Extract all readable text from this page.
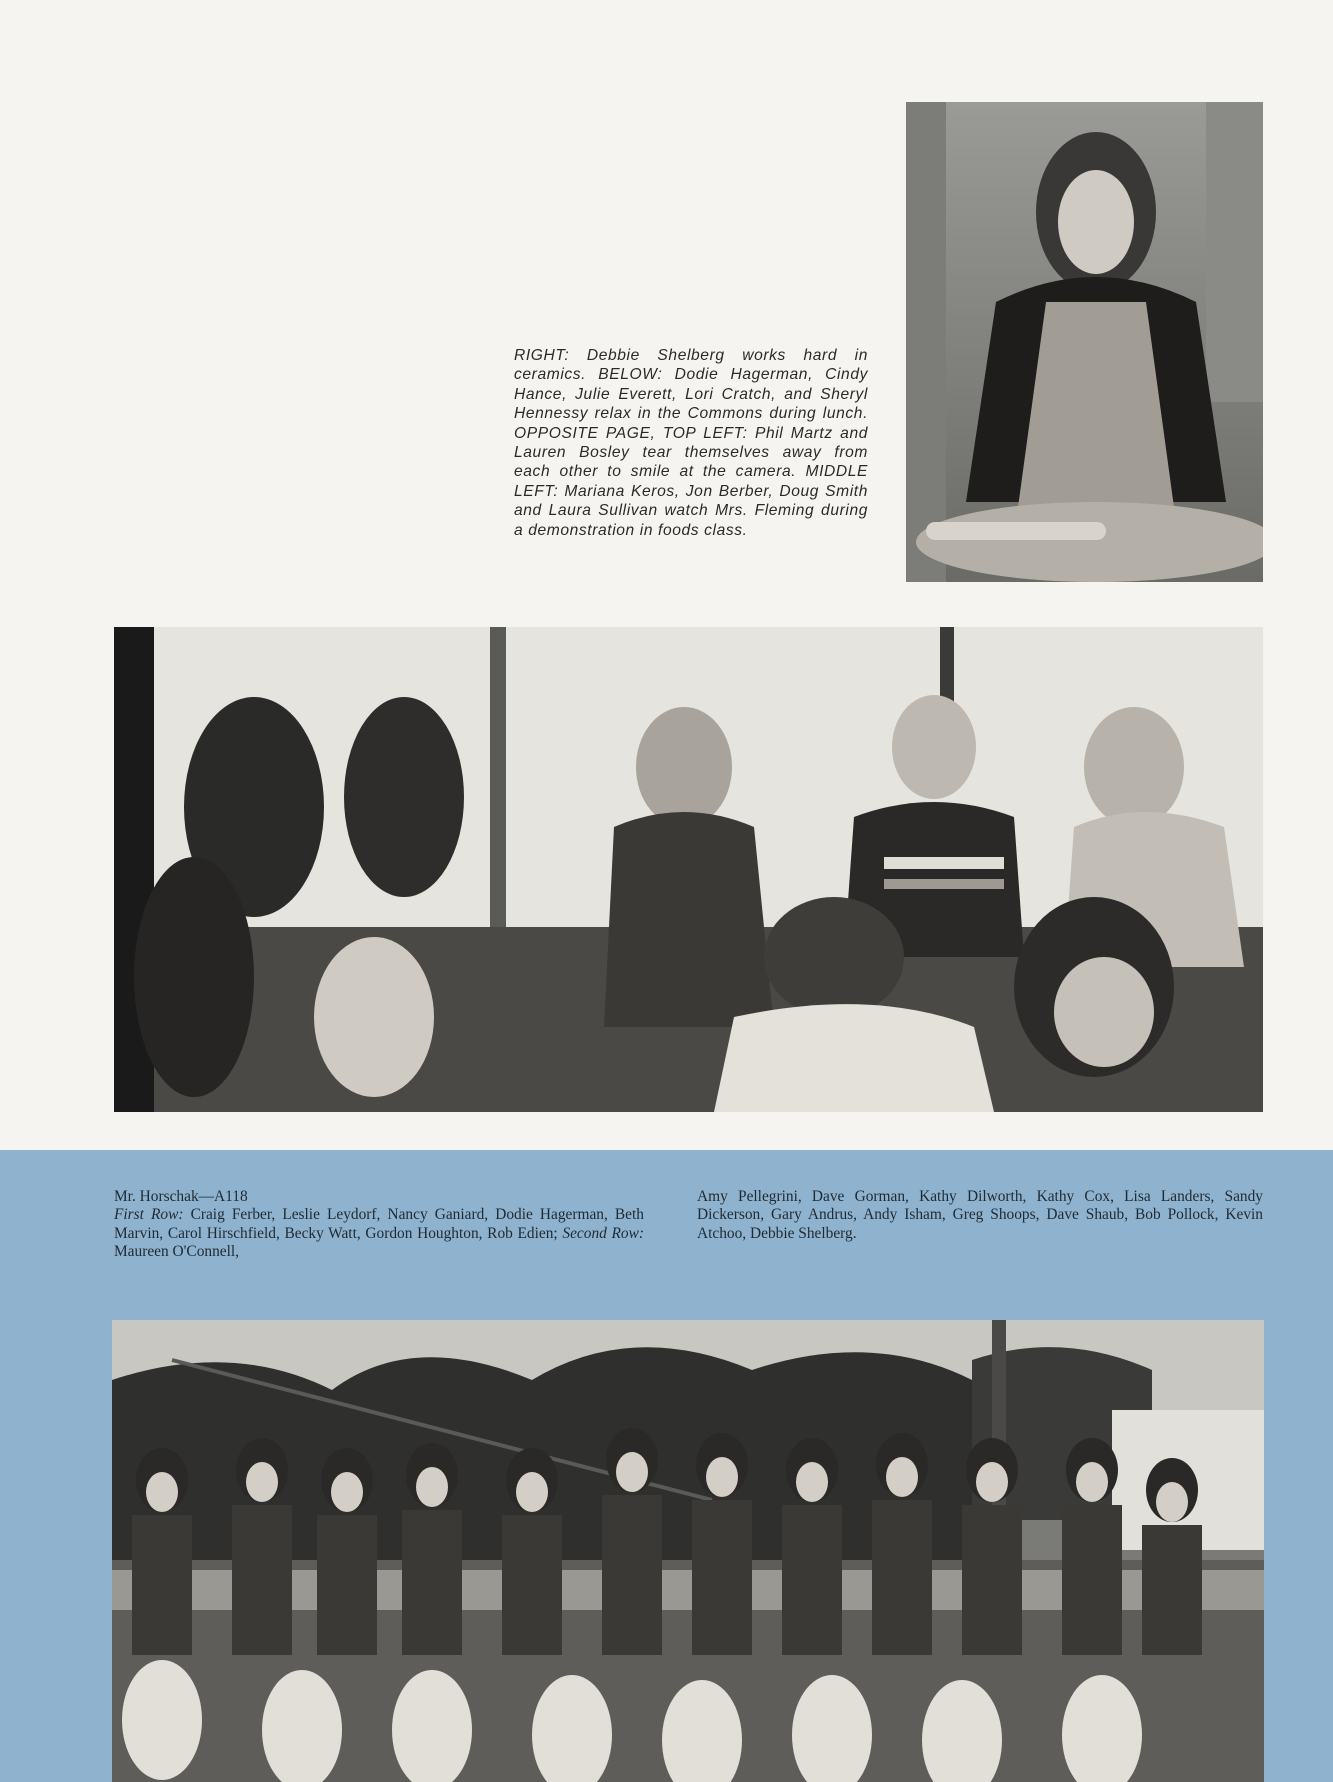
RIGHT: Debbie Shelberg works hard in ceramics. BELOW: Dodie Hagerman, Cindy Hance, Julie Everett, Lori Cratch, and Sheryl Hennessy relax in the Commons during lunch. OPPOSITE PAGE, TOP LEFT: Phil Martz and Lauren Bosley tear themselves away from each other to smile at the camera. MIDDLE LEFT: Mariana Keros, Jon Berber, Doug Smith and Laura Sullivan watch Mrs. Fleming during a demonstration in foods class.
Mr. Horschak—A118
First Row: Craig Ferber, Leslie Leydorf, Nancy Ganiard, Dodie Hagerman, Beth Marvin, Carol Hirschfield, Becky Watt, Gordon Houghton, Rob Edien; Second Row: Maureen O'Connell,
Amy Pellegrini, Dave Gorman, Kathy Dilworth, Kathy Cox, Lisa Landers, Sandy Dickerson, Gary Andrus, Andy Isham, Greg Shoops, Dave Shaub, Bob Pollock, Kevin Atchoo, Debbie Shelberg.
